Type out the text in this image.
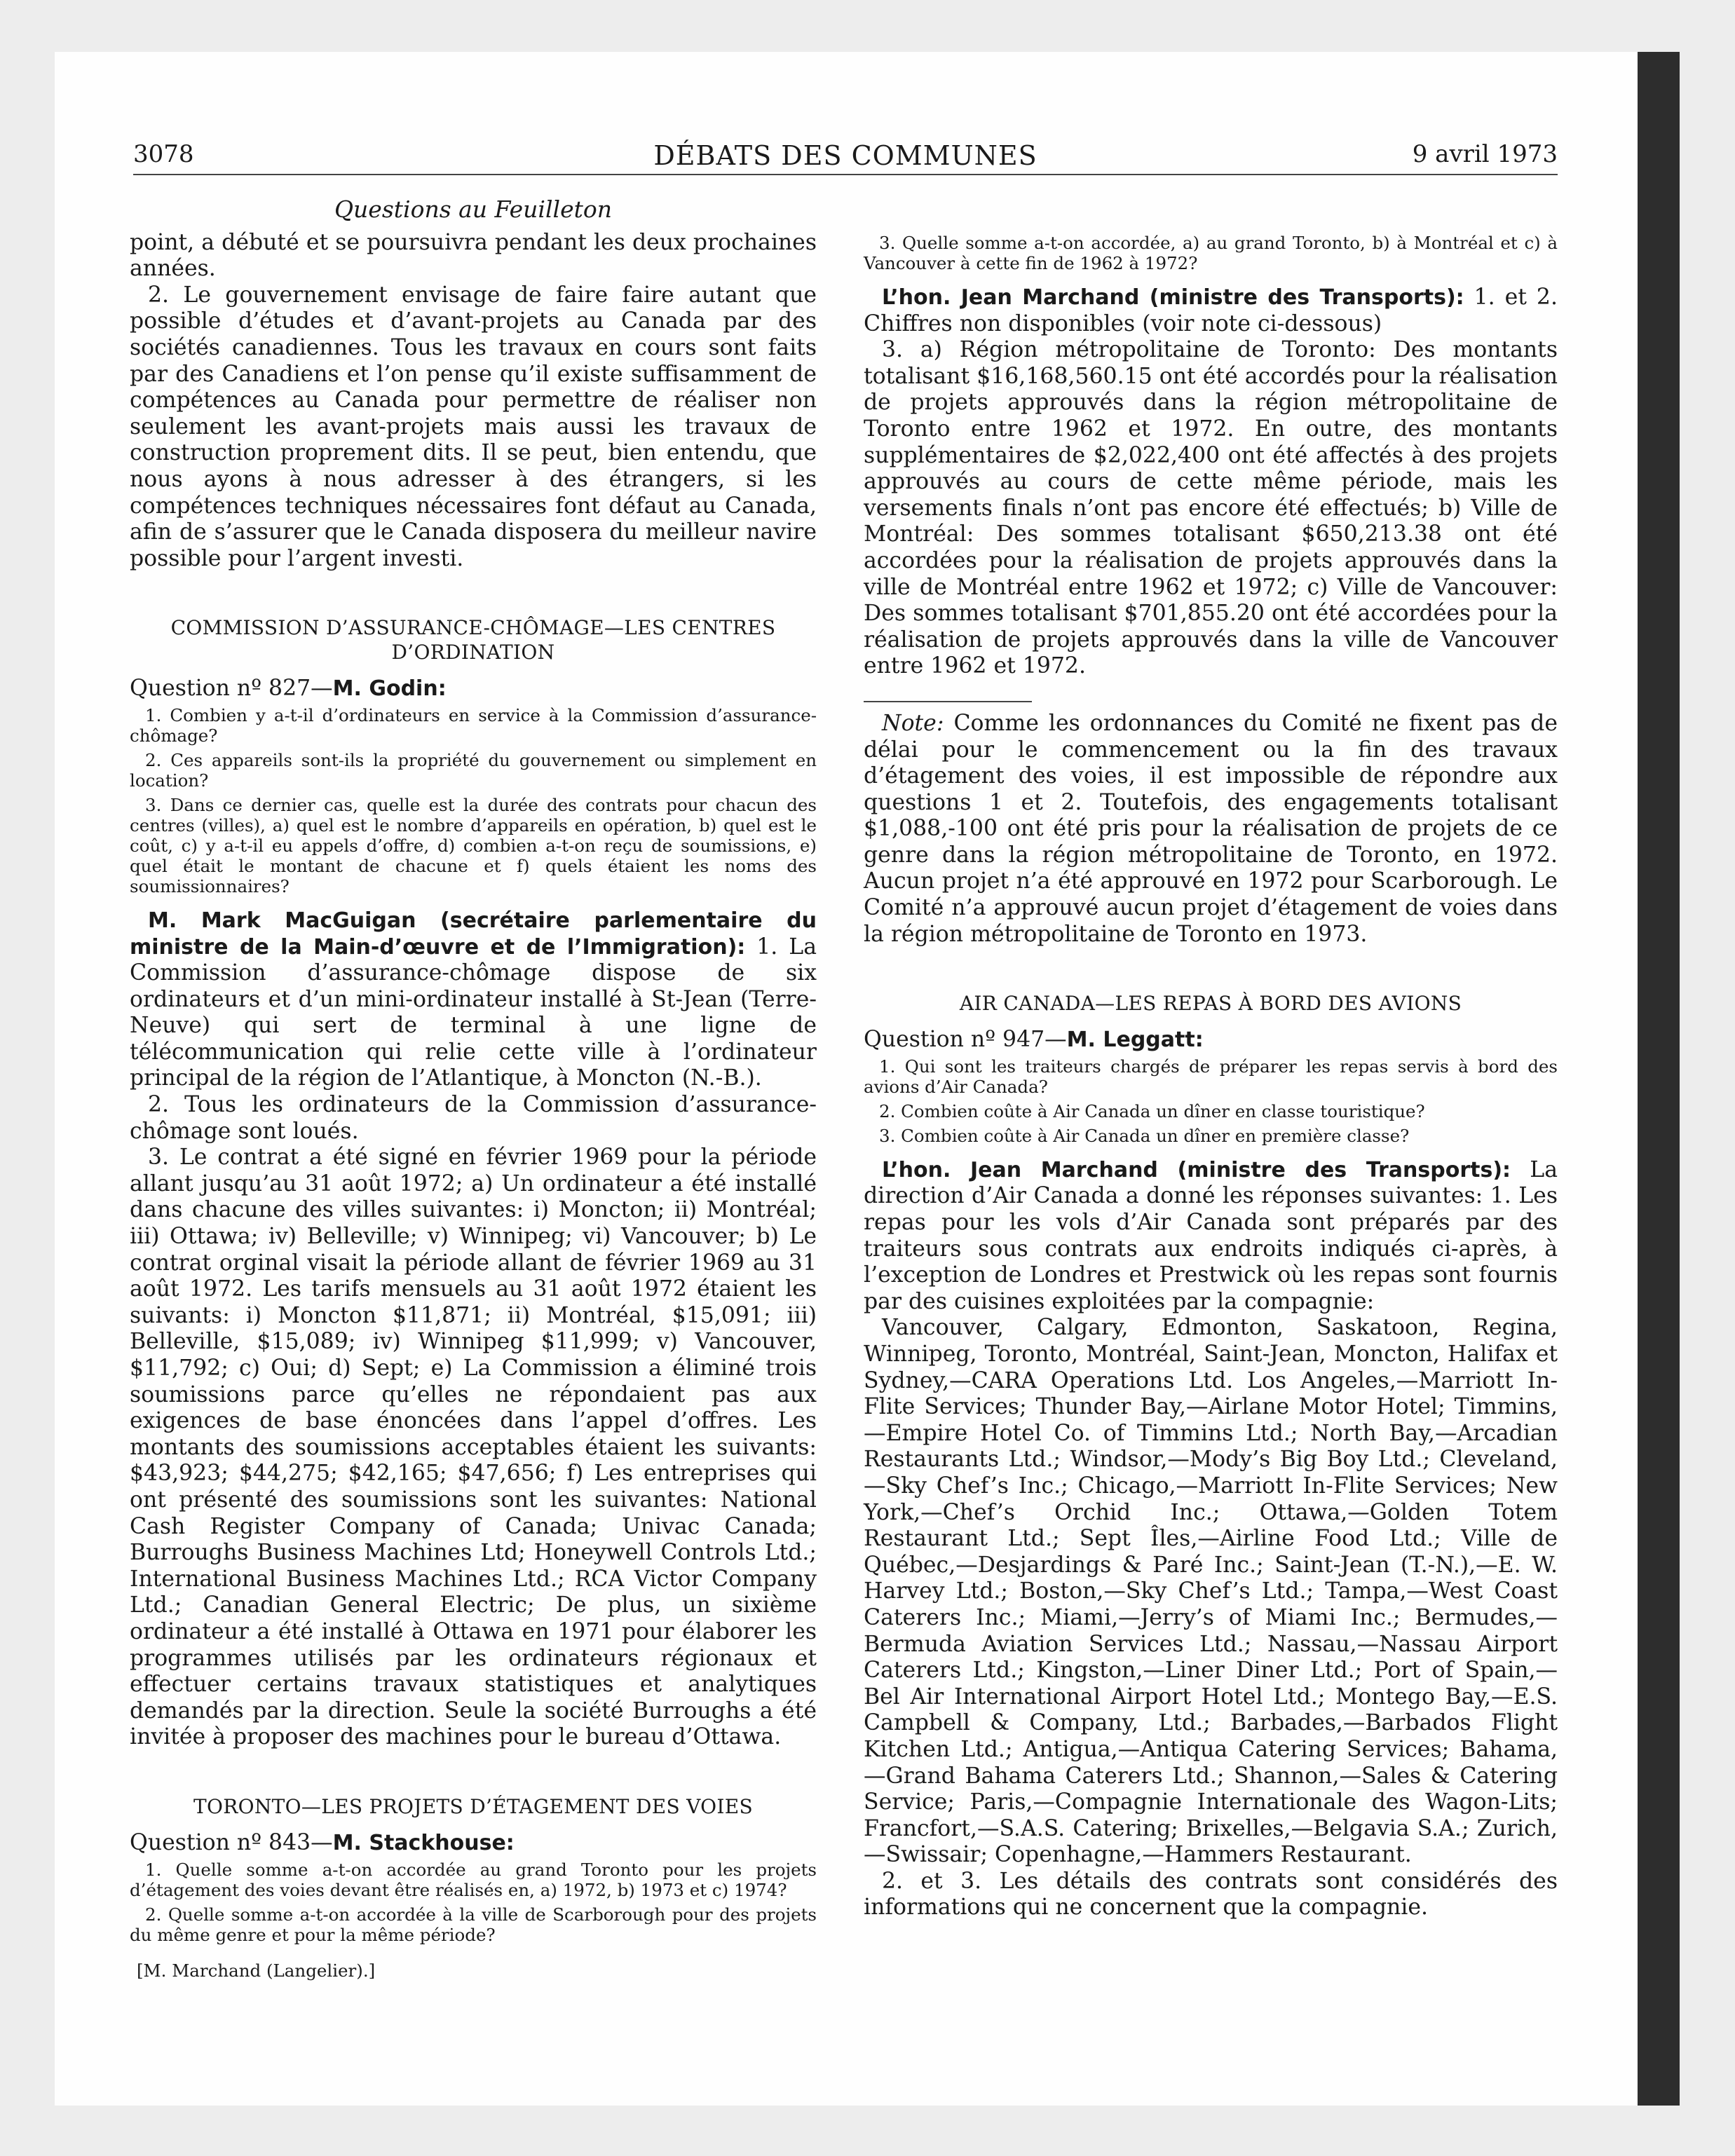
3078	DÉBATS DES COMMUNES	9 avril 1973
Questions au Feuilleton

point, a débuté et se poursuivra pendant les deux prochaines années.

2. Le gouvernement envisage de faire faire autant que possible d’études et d’avant-projets au Canada par des sociétés canadiennes. Tous les travaux en cours sont faits par des Canadiens et l’on pense qu’il existe suffisamment de compétences au Canada pour permettre de réaliser non seulement les avant-projets mais aussi les travaux de construction proprement dits. Il se peut, bien entendu, que nous ayons à nous adresser à des étrangers, si les compétences techniques nécessaires font défaut au Canada, afin de s’assurer que le Canada disposera du meilleur navire possible pour l’argent investi.

COMMISSION D’ASSURANCE-CHÔMAGE—LES CENTRES D’ORDINATION
Question nº 827—M. Godin:

1. Combien y a-t-il d’ordinateurs en service à la Commission d’assurance-chômage?

2. Ces appareils sont-ils la propriété du gouvernement ou simplement en location?

3. Dans ce dernier cas, quelle est la durée des contrats pour chacun des centres (villes), a) quel est le nombre d’appareils en opération, b) quel est le coût, c) y a-t-il eu appels d’offre, d) combien a-t-on reçu de soumissions, e) quel était le montant de chacune et f) quels étaient les noms des soumissionnaires?

M. Mark MacGuigan (secrétaire parlementaire du ministre de la Main-d’œuvre et de l’Immigration): 1. La Commission d’assurance-chômage dispose de six ordinateurs et d’un mini-ordinateur installé à St-Jean (Terre-Neuve) qui sert de terminal à une ligne de télécommunication qui relie cette ville à l’ordinateur principal de la région de l’Atlantique, à Moncton (N.-B.).

2. Tous les ordinateurs de la Commission d’assurance-chômage sont loués.

3. Le contrat a été signé en février 1969 pour la période allant jusqu’au 31 août 1972; a) Un ordinateur a été installé dans chacune des villes suivantes: i) Moncton; ii) Montréal; iii) Ottawa; iv) Belleville; v) Winnipeg; vi) Vancouver; b) Le contrat orginal visait la période allant de février 1969 au 31 août 1972. Les tarifs mensuels au 31 août 1972 étaient les suivants: i) Moncton $11,871; ii) Montréal, $15,091; iii) Belleville, $15,089; iv) Winnipeg $11,999; v) Vancouver, $11,792; c) Oui; d) Sept; e) La Commission a éliminé trois soumissions parce qu’elles ne répondaient pas aux exigences de base énoncées dans l’appel d’offres. Les montants des soumissions acceptables étaient les suivants: $43,923; $44,275; $42,165; $47,656; f) Les entreprises qui ont présenté des soumissions sont les suivantes: National Cash Register Company of Canada; Univac Canada; Burroughs Business Machines Ltd; Honeywell Controls Ltd.; International Business Machines Ltd.; RCA Victor Company Ltd.; Canadian General Electric; De plus, un sixième ordinateur a été installé à Ottawa en 1971 pour élaborer les programmes utilisés par les ordinateurs régionaux et effectuer certains travaux statistiques et analytiques demandés par la direction. Seule la société Burroughs a été invitée à proposer des machines pour le bureau d’Ottawa.

TORONTO—LES PROJETS D’ÉTAGEMENT DES VOIES
Question nº 843—M. Stackhouse:

1. Quelle somme a-t-on accordée au grand Toronto pour les projets d’étagement des voies devant être réalisés en, a) 1972, b) 1973 et c) 1974?

2. Quelle somme a-t-on accordée à la ville de Scarborough pour des projets du même genre et pour la même période?

[M. Marchand (Langelier).]

3. Quelle somme a-t-on accordée, a) au grand Toronto, b) à Montréal et c) à Vancouver à cette fin de 1962 à 1972?

L’hon. Jean Marchand (ministre des Transports): 1. et 2. Chiffres non disponibles (voir note ci-dessous)

3. a) Région métropolitaine de Toronto: Des montants totalisant $16,168,560.15 ont été accordés pour la réalisation de projets approuvés dans la région métropolitaine de Toronto entre 1962 et 1972. En outre, des montants supplémentaires de $2,022,400 ont été affectés à des projets approuvés au cours de cette même période, mais les versements finals n’ont pas encore été effectués; b) Ville de Montréal: Des sommes totalisant $650,213.38 ont été accordées pour la réalisation de projets approuvés dans la ville de Montréal entre 1962 et 1972; c) Ville de Vancouver: Des sommes totalisant $701,855.20 ont été accordées pour la réalisation de projets approuvés dans la ville de Vancouver entre 1962 et 1972.

Note: Comme les ordonnances du Comité ne fixent pas de délai pour le commencement ou la fin des travaux d’étagement des voies, il est impossible de répondre aux questions 1 et 2. Toutefois, des engagements totalisant $1,088,-100 ont été pris pour la réalisation de projets de ce genre dans la région métropolitaine de Toronto, en 1972. Aucun projet n’a été approuvé en 1972 pour Scarborough. Le Comité n’a approuvé aucun projet d’étagement de voies dans la région métropolitaine de Toronto en 1973.

AIR CANADA—LES REPAS À BORD DES AVIONS
Question nº 947—M. Leggatt:

1. Qui sont les traiteurs chargés de préparer les repas servis à bord des avions d’Air Canada?

2. Combien coûte à Air Canada un dîner en classe touristique?

3. Combien coûte à Air Canada un dîner en première classe?

L’hon. Jean Marchand (ministre des Transports): La direction d’Air Canada a donné les réponses suivantes: 1. Les repas pour les vols d’Air Canada sont préparés par des traiteurs sous contrats aux endroits indiqués ci-après, à l’exception de Londres et Prestwick où les repas sont fournis par des cuisines exploitées par la compagnie:

Vancouver, Calgary, Edmonton, Saskatoon, Regina, Winnipeg, Toronto, Montréal, Saint-Jean, Moncton, Halifax et Sydney,—CARA Operations Ltd. Los Angeles,—Marriott In-Flite Services; Thunder Bay,—Airlane Motor Hotel; Timmins,—Empire Hotel Co. of Timmins Ltd.; North Bay,—Arcadian Restaurants Ltd.; Windsor,—Mody’s Big Boy Ltd.; Cleveland,—Sky Chef’s Inc.; Chicago,—Marriott In-Flite Services; New York,—Chef’s Orchid Inc.; Ottawa,—Golden Totem Restaurant Ltd.; Sept Îles,—Airline Food Ltd.; Ville de Québec,—Desjardings & Paré Inc.; Saint-Jean (T.-N.),—E. W. Harvey Ltd.; Boston,—Sky Chef’s Ltd.; Tampa,—West Coast Caterers Inc.; Miami,—Jerry’s of Miami Inc.; Bermudes,—Bermuda Aviation Services Ltd.; Nassau,—Nassau Airport Caterers Ltd.; Kingston,—Liner Diner Ltd.; Port of Spain,—Bel Air International Airport Hotel Ltd.; Montego Bay,—E.S. Campbell & Company, Ltd.; Barbades,—Barbados Flight Kitchen Ltd.; Antigua,—Antiqua Catering Services; Bahama,—Grand Bahama Caterers Ltd.; Shannon,—Sales & Catering Service; Paris,—Compagnie Internationale des Wagon-Lits; Francfort,—S.A.S. Catering; Brixelles,—Belgavia S.A.; Zurich,—Swissair; Copenhagne,—Hammers Restaurant.

2. et 3. Les détails des contrats sont considérés des informations qui ne concernent que la compagnie.
